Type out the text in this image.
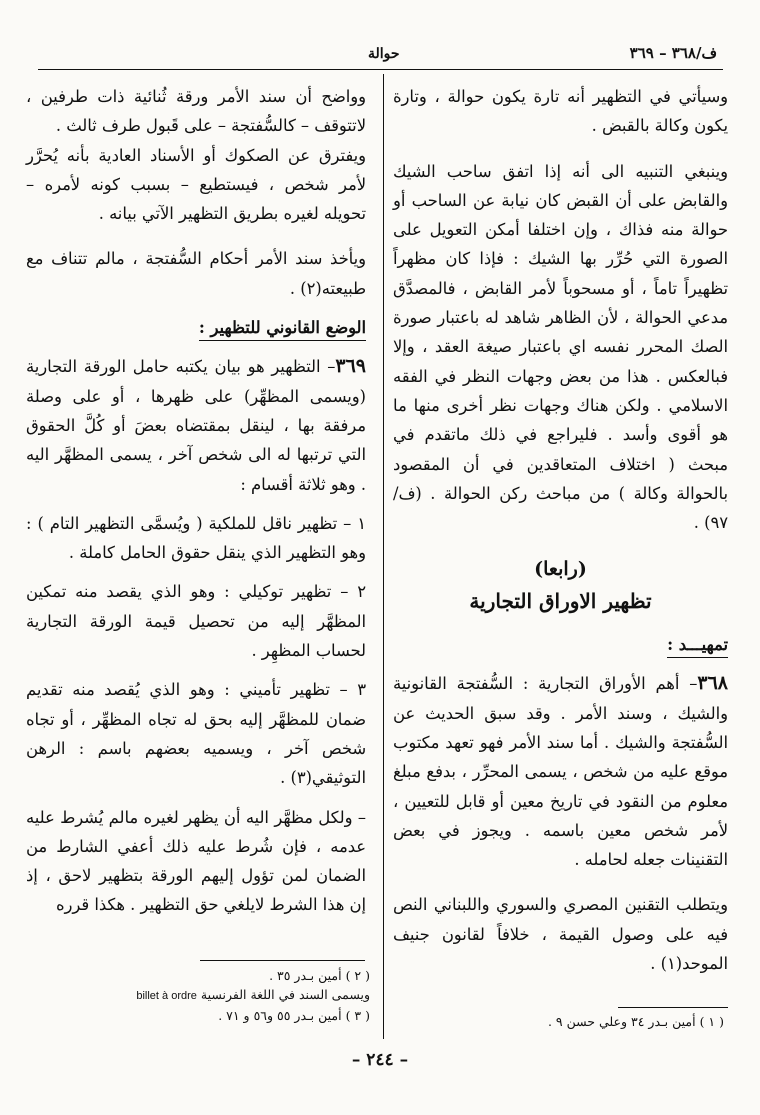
ف/٣٦٨ – ٣٦٩
حوالة

وسيأتي في التظهير أنه تارة يكون حوالة ، وتارة يكون وكالة بالقبض .

وينبغي التنبيه الى أنه إذا اتفق ساحب الشيك والقابض على أن القبض كان نيابة عن الساحب أو حوالة منه فذاك ، وإن اختلفا أمكن التعويل على الصورة التي حُرِّر بها الشيك : فإذا كان مظهراً تظهيراً تاماً ، أو مسحوباً لأمر القابض ، فالمصدَّق مدعي الحوالة ، لأن الظاهر شاهد له باعتبار صورة الصك المحرر نفسه اي باعتبار صيغة العقد ، وإلا فبالعكس . هذا من بعض وجهات النظر في الفقه الاسلامي . ولكن هناك وجهات نظر أخرى منها ما هو أقوى وأسد . فليراجع في ذلك ماتقدم في مبحث ( اختلاف المتعاقدين في أن المقصود بالحوالة وكالة ) من مباحث ركن الحوالة . (ف/ ٩٧) .

(رابعا)
تظهير الاوراق التجارية

تمهيـــد :

٣٦٨– أهم الأوراق التجارية : السُّفتجة القانونية والشيك ، وسند الأمر . وقد سبق الحديث عن السُّفتجة والشيك . أما سند الأمر فهو تعهد مكتوب موقع عليه من شخص ، يسمى المحرِّر ، بدفع مبلغ معلوم من النقود في تاريخ معين أو قابل للتعيين ، لأمر شخص معين باسمه . ويجوز في بعض التقنينات جعله لحامله .

ويتطلب التقنين المصري والسوري واللبناني النص فيه على وصول القيمة ، خلافاً لقانون جنيف الموحد(١) .

وواضح أن سند الأمر ورقة ثُنائية ذات طرفين ، لاتتوقف – كالسُّفتجة – على قَبول طرف ثالث .

ويفترق عن الصكوك أو الأسناد العادية بأنه يُحرَّر لأمر شخص ، فيستطيع – بسبب كونه لأمره – تحويله لغيره بطريق التظهير الآتي بيانه .

ويأخذ سند الأمر أحكام السُّفتجة ، مالم تتناف مع طبيعته(٢) .

الوضع القانوني للتظهير :

٣٦٩– التظهير هو بيان يكتبه حامل الورقة التجارية (ويسمى المظهِّر) على ظهرها ، أو على وصلة مرفقة بها ، لينقل بمقتضاه بعضَ أو كُلَّ الحقوق التي ترتبها له الى شخص آخر ، يسمى المظهَّر اليه . وهو ثلاثة أقسام :

١ – تظهير ناقل للملكية ( ويُسمَّى التظهير التام ) : وهو التظهير الذي ينقل حقوق الحامل كاملة .

٢ – تظهير توكيلي : وهو الذي يقصد منه تمكين المظهَّر إليه من تحصيل قيمة الورقة التجارية لحساب المظهِر .

٣ – تظهير تأميني : وهو الذي يُقصد منه تقديم ضمان للمظهَّر إليه بحق له تجاه المظهِّر ، أو تجاه شخص آخر ، ويسميه بعضهم باسم : الرهن التوثيقي(٣) .

– ولكل مظهَّر اليه أن يظهر لغيره مالم يُشرط عليه عدمه ، فإن شُرط عليه ذلك أعفي الشارط من الضمان لمن تؤول إليهم الورقة بتظهير لاحق ، إذ إن هذا الشرط لايلغي حق التظهير . هكذا قرره

( ١ ) أمين بـدر ٣٤ وعلي حسن ٩ .
( ٢ ) أمين بـدر ٣٥ .
ويسمى السند في اللغة الفرنسية billet à ordre
( ٣ ) أمين بـدر ٥٥ و٥٦ و ٧١ .
– ٢٤٤ –
